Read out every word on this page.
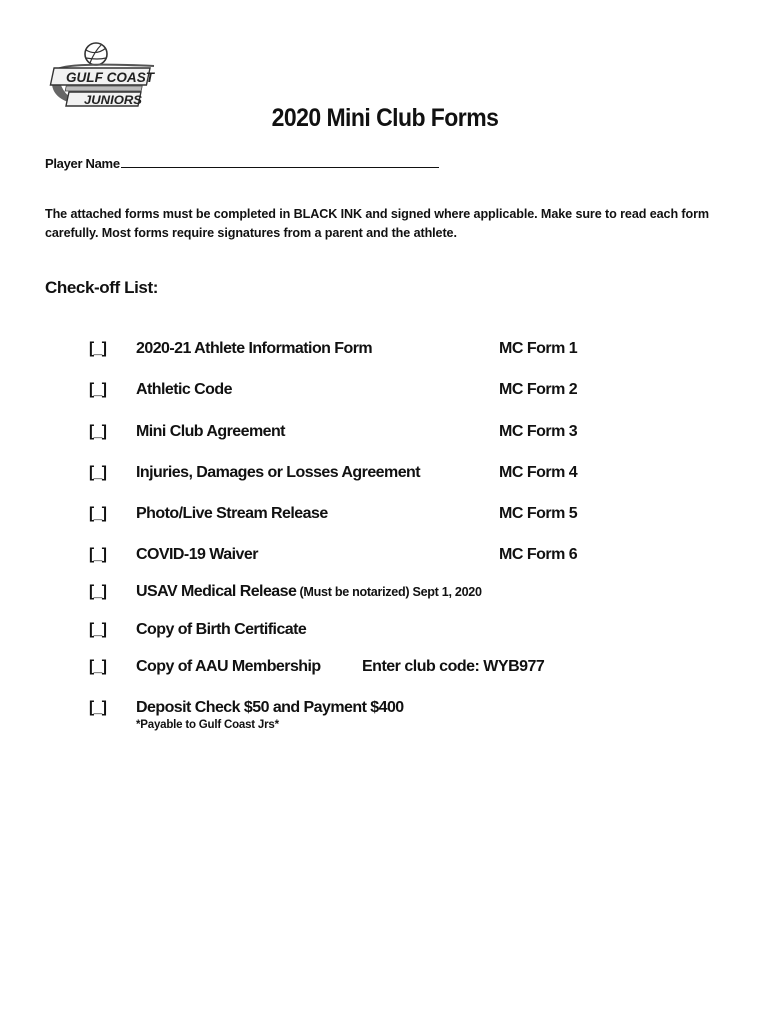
GULF COAST
JUNIORS
2020 Mini Club Forms
Player Name
The attached forms must be completed in BLACK INK and signed where applicable. Make sure to read each form carefully. Most forms require signatures from a parent and the athlete.
Check-off List:
[_] 2020-21 Athlete Information Form	MC Form 1
[_] Athletic Code	MC Form 2
[_] Mini Club Agreement	MC Form 3
[_] Injuries, Damages or Losses Agreement	MC Form 4
[_] Photo/Live Stream Release	MC Form 5
[_] COVID-19 Waiver	MC Form 6
[_] USAV Medical Release (Must be notarized) Sept 1, 2020
[_] Copy of Birth Certificate
[_] Copy of AAU Membership	Enter club code: WYB977
[_] Deposit Check $50 and Payment $400
*Payable to Gulf Coast Jrs*
